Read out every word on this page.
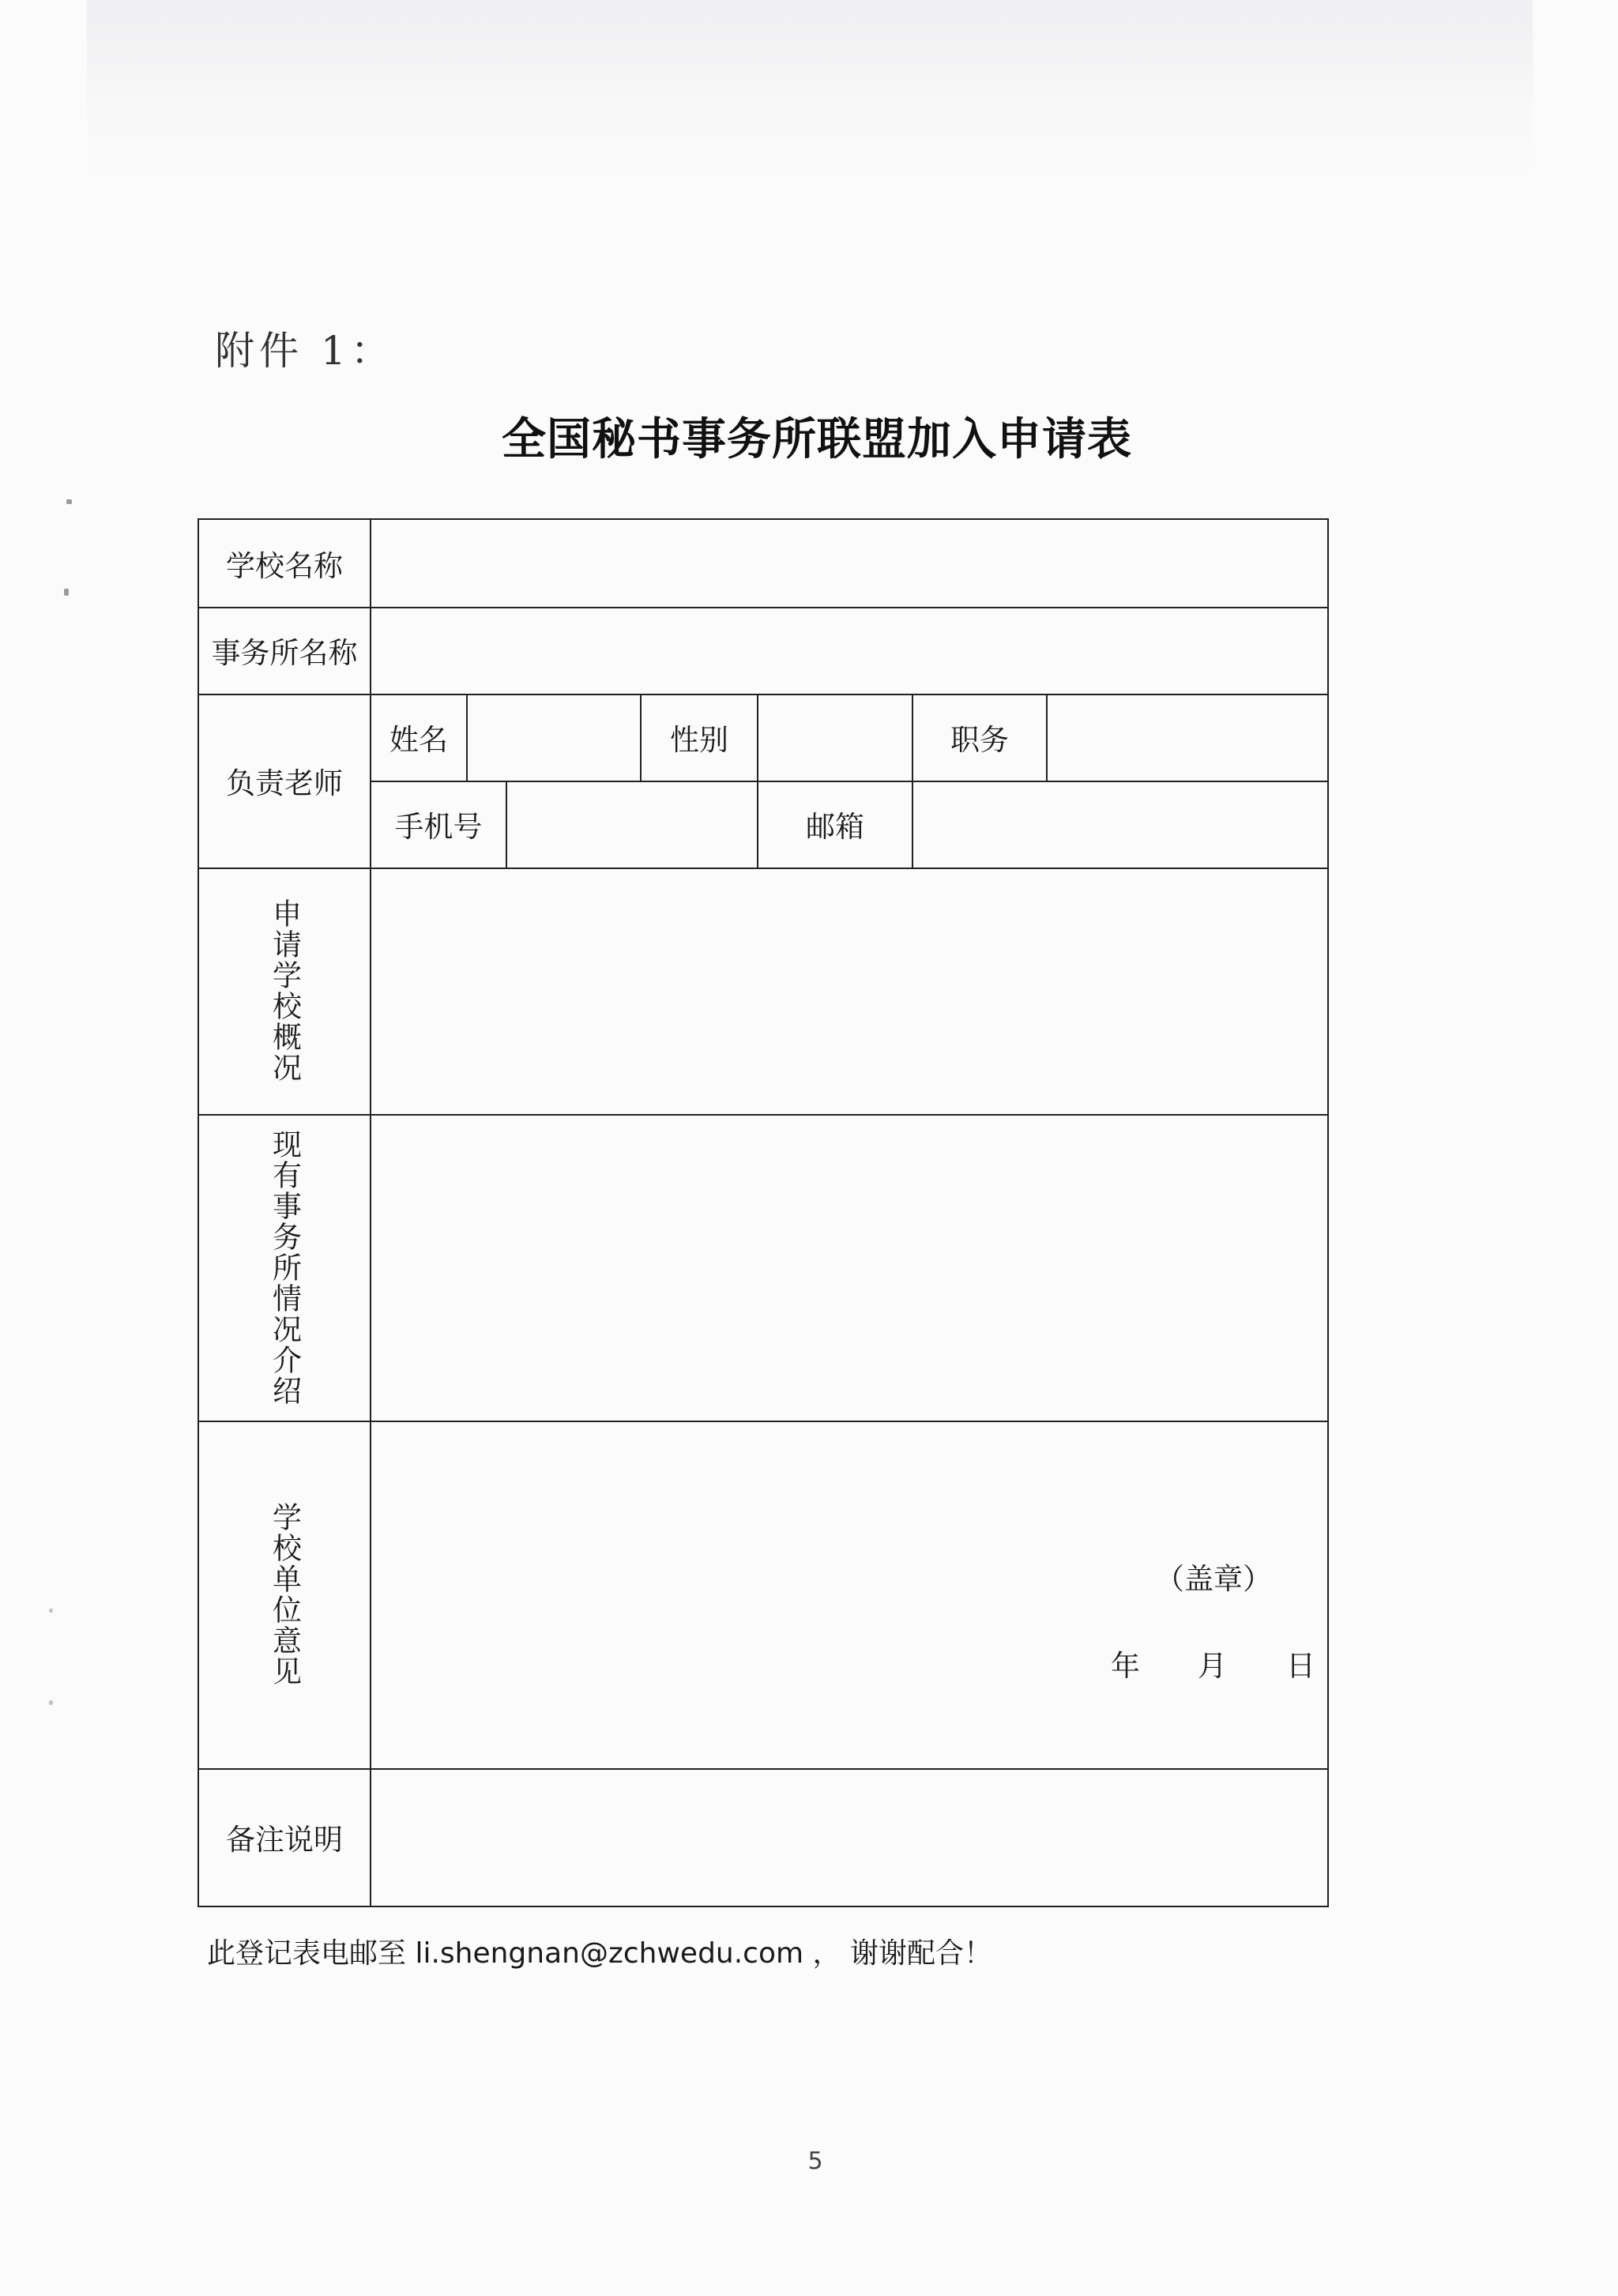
附件 1：
全国秘书事务所联盟加入申请表
学校名称
事务所名称
负责老师
姓名	性别	职务
手机号	邮箱
申请学校概况
现有事务所情况介绍
学校单位意见	（盖章）
年 月 日
备注说明
此登记表电邮至 li.shengnan@zchwedu.com ， 谢谢配合！
5
